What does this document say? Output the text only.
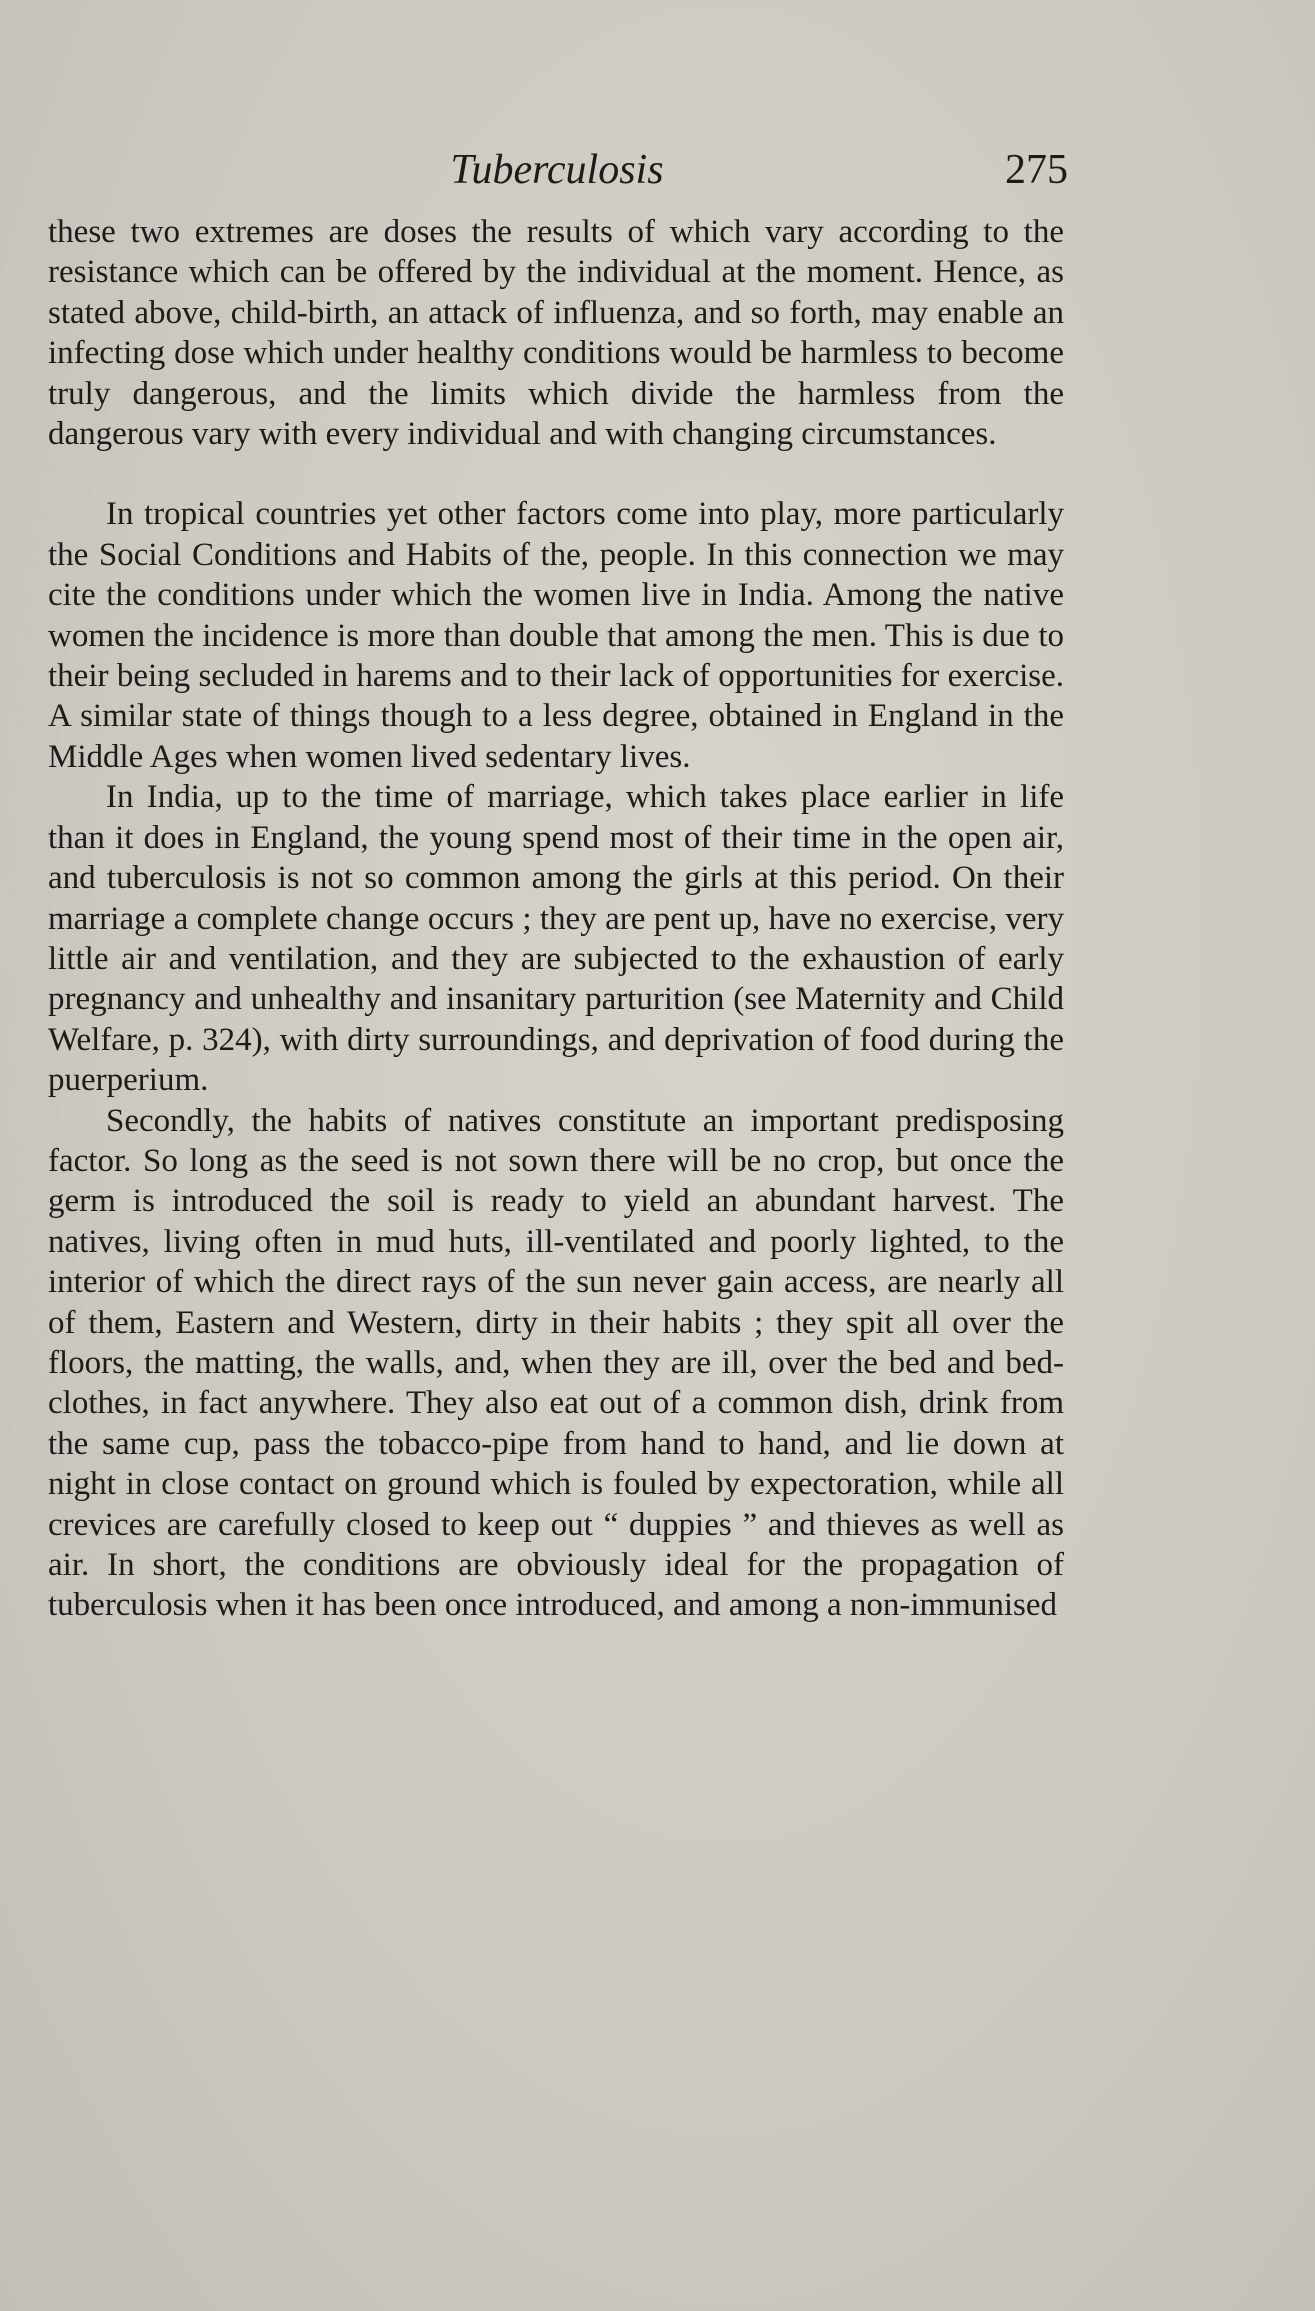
Tuberculosis	275

these two extremes are doses the results of which vary according to the resistance which can be offered by the individual at the moment. Hence, as stated above, child-birth, an attack of influenza, and so forth, may enable an infecting dose which under healthy conditions would be harmless to become truly dangerous, and the limits which divide the harmless from the dangerous vary with every individual and with changing circumstances.

In tropical countries yet other factors come into play, more particularly the Social Conditions and Habits of the, people. In this connection we may cite the conditions under which the women live in India. Among the native women the incidence is more than double that among the men. This is due to their being secluded in harems and to their lack of opportunities for exercise. A similar state of things though to a less degree, obtained in England in the Middle Ages when women lived sedentary lives.

In India, up to the time of marriage, which takes place earlier in life than it does in England, the young spend most of their time in the open air, and tuberculosis is not so common among the girls at this period. On their marriage a complete change occurs ; they are pent up, have no exercise, very little air and ventilation, and they are subjected to the exhaustion of early pregnancy and unhealthy and insanitary parturition (see Maternity and Child Welfare, p. 324), with dirty surroundings, and deprivation of food during the puerperium.

Secondly, the habits of natives constitute an important predisposing factor. So long as the seed is not sown there will be no crop, but once the germ is introduced the soil is ready to yield an abundant harvest. The natives, living often in mud huts, ill-ventilated and poorly lighted, to the interior of which the direct rays of the sun never gain access, are nearly all of them, Eastern and Western, dirty in their habits ; they spit all over the floors, the matting, the walls, and, when they are ill, over the bed and bed-clothes, in fact anywhere. They also eat out of a common dish, drink from the same cup, pass the tobacco-pipe from hand to hand, and lie down at night in close contact on ground which is fouled by expectoration, while all crevices are carefully closed to keep out “ duppies ” and thieves as well as air. In short, the conditions are obviously ideal for the propagation of tuberculosis when it has been once introduced, and among a non-immunised
